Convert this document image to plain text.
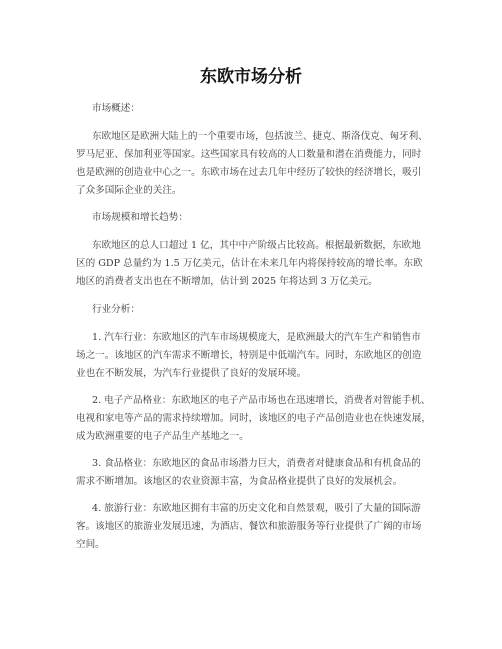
东欧市场分析
市场概述：
东欧地区是欧洲大陆上的一个重要市场，包括波兰、捷克、斯洛伐克、匈牙利、
罗马尼亚、保加利亚等国家。这些国家具有较高的人口数量和潜在消费能力，同时
也是欧洲的创造业中心之一。东欧市场在过去几年中经历了较快的经济增长，吸引
了众多国际企业的关注。
市场规模和增长趋势：
东欧地区的总人口超过 1 亿，其中中产阶级占比较高。根据最新数据，东欧地
区的 GDP 总量约为 1.5 万亿美元，估计在未来几年内将保持较高的增长率。东欧
地区的消费者支出也在不断增加，估计到 2025 年将达到 3 万亿美元。
行业分析：
1. 汽车行业：东欧地区的汽车市场规模庞大，是欧洲最大的汽车生产和销售市
场之一。该地区的汽车需求不断增长，特别是中低端汽车。同时，东欧地区的创造
业也在不断发展，为汽车行业提供了良好的发展环境。
2. 电子产品格业：东欧地区的电子产品市场也在迅速增长，消费者对智能手机、
电视和家电等产品的需求持续增加。同时，该地区的电子产品创造业也在快速发展，
成为欧洲重要的电子产品生产基地之一。
3. 食品格业：东欧地区的食品市场潜力巨大，消费者对健康食品和有机食品的
需求不断增加。该地区的农业资源丰富，为食品格业提供了良好的发展机会。
4. 旅游行业：东欧地区拥有丰富的历史文化和自然景观，吸引了大量的国际游
客。该地区的旅游业发展迅速，为酒店、餐饮和旅游服务等行业提供了广阔的市场
空间。
